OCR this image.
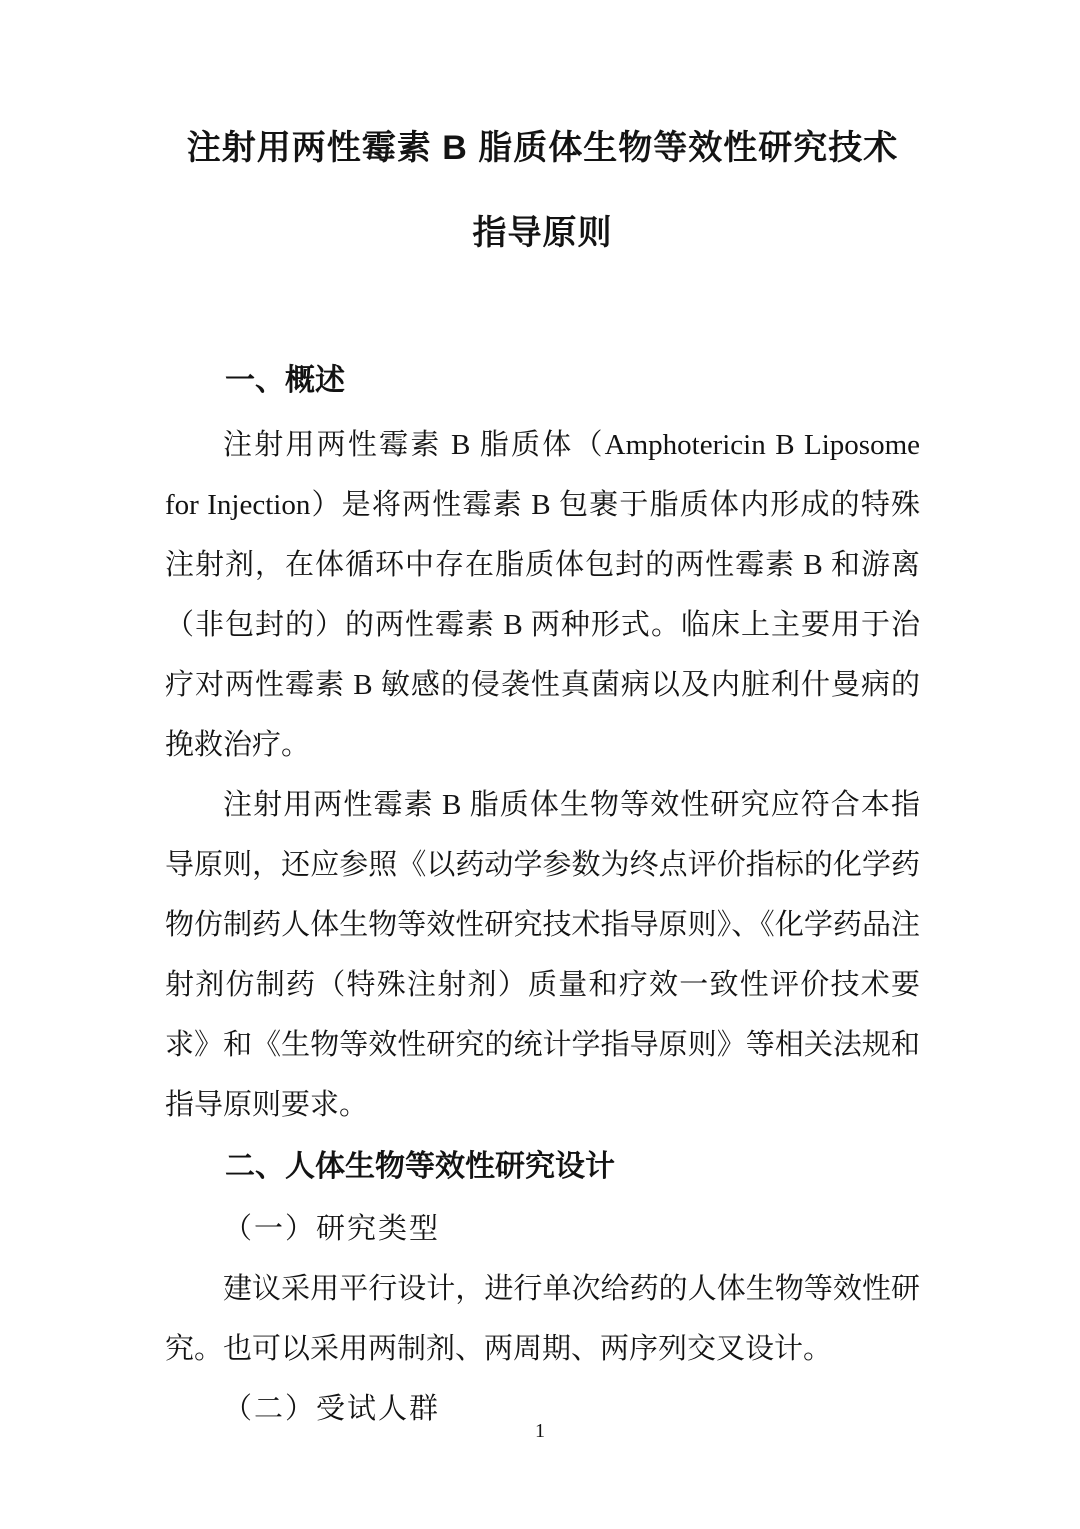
注射用两性霉素 B 脂质体生物等效性研究技术
指导原则
一、概述

注射用两性霉素 B 脂质体（Amphotericin B Liposome for Injection）是将两性霉素 B 包裹于脂质体内形成的特殊注射剂，在体循环中存在脂质体包封的两性霉素 B 和游离（非包封的）的两性霉素 B 两种形式。临床上主要用于治疗对两性霉素 B 敏感的侵袭性真菌病以及内脏利什曼病的挽救治疗。

注射用两性霉素 B 脂质体生物等效性研究应符合本指导原则，还应参照《以药动学参数为终点评价指标的化学药物仿制药人体生物等效性研究技术指导原则》、《化学药品注射剂仿制药（特殊注射剂）质量和疗效一致性评价技术要求》和《生物等效性研究的统计学指导原则》等相关法规和指导原则要求。

二、人体生物等效性研究设计
（一）研究类型

建议采用平行设计，进行单次给药的人体生物等效性研究。也可以采用两制剂、两周期、两序列交叉设计。

（二）受试人群
1
